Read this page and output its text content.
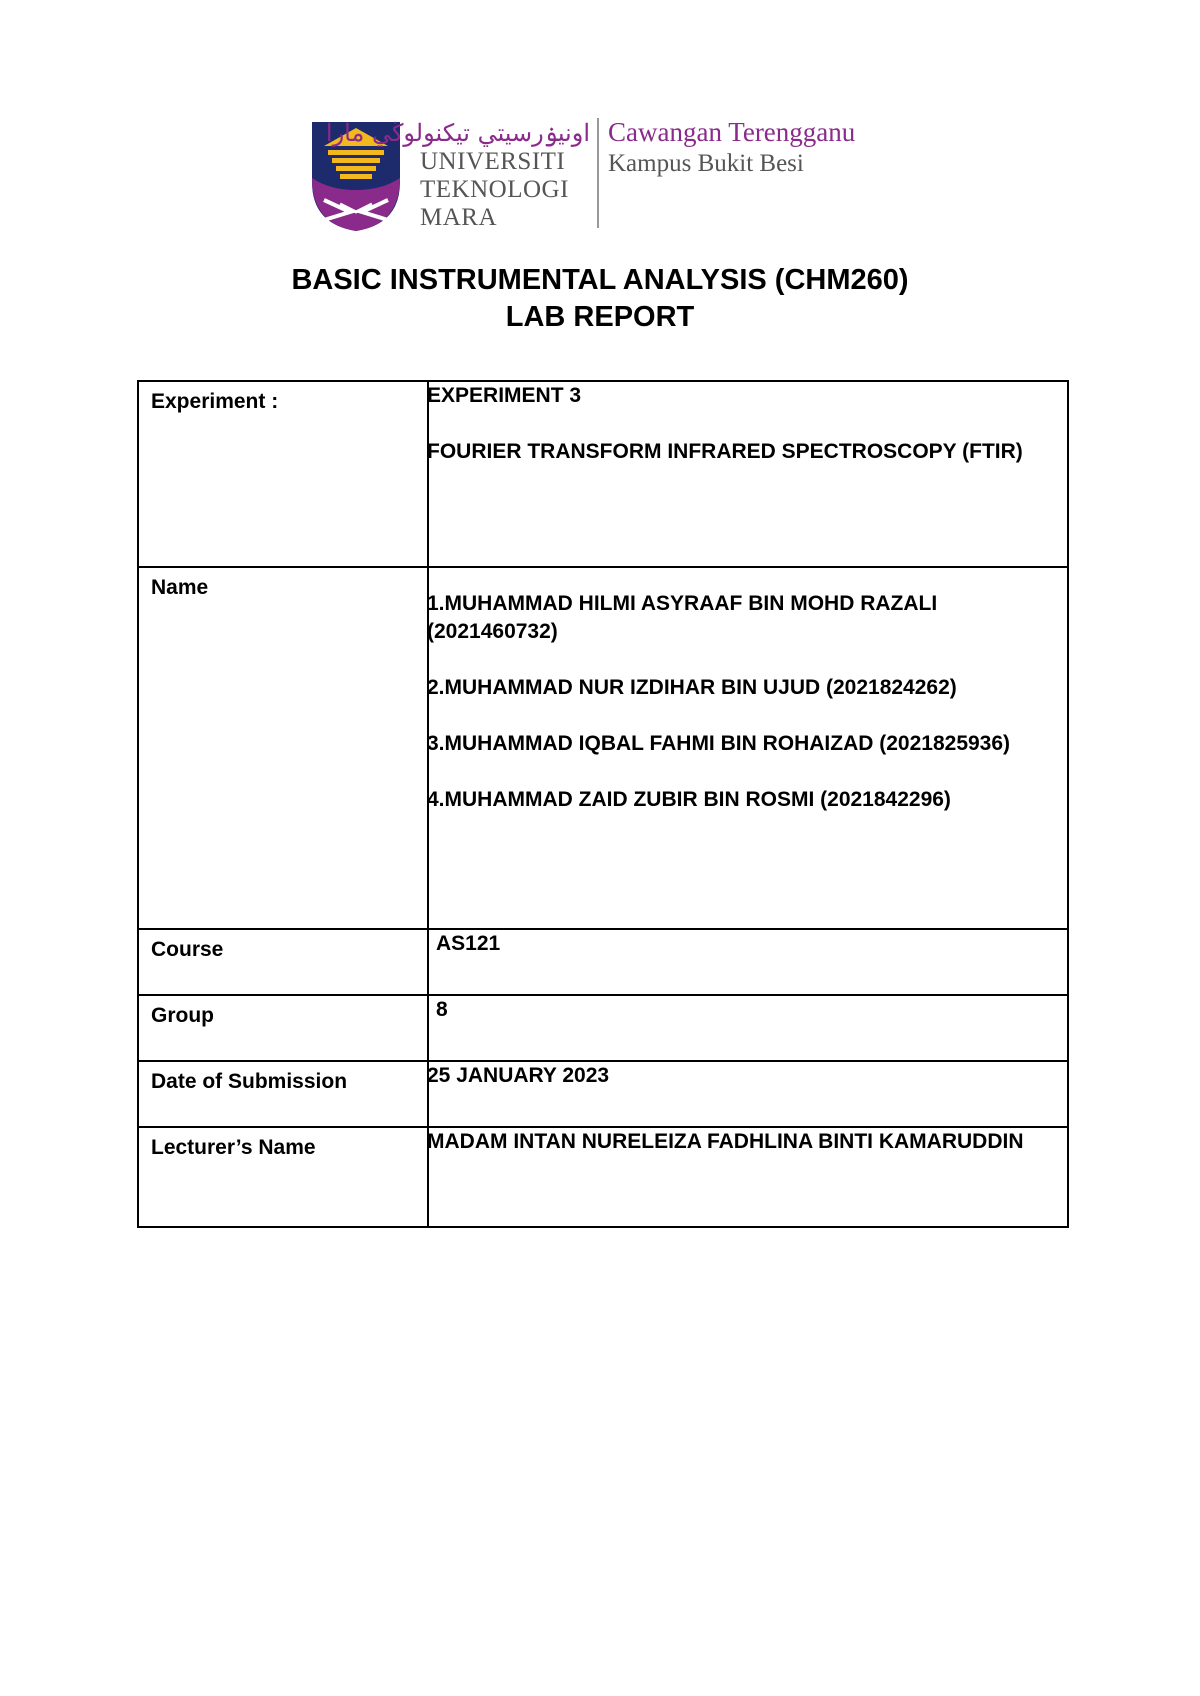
اونيۏرسيتي تيكنولوڬي مارا
UNIVERSITI
TEKNOLOGI
MARA
Cawangan Terengganu
Kampus Bukit Besi
BASIC INSTRUMENTAL ANALYSIS (CHM260)
LAB REPORT
Experiment :	EXPERIMENT 3
FOURIER TRANSFORM INFRARED SPECTROSCOPY (FTIR)

Name	1.MUHAMMAD HILMI ASYRAAF BIN MOHD RAZALI (2021460732)
2.MUHAMMAD NUR IZDIHAR BIN UJUD (2021824262)
3.MUHAMMAD IQBAL FAHMI BIN ROHAIZAD (2021825936)
4.MUHAMMAD ZAID ZUBIR BIN ROSMI (2021842296)

Course	AS121

Group	8

Date of Submission	25 JANUARY 2023

Lecturer’s Name	MADAM INTAN NURELEIZA FADHLINA BINTI KAMARUDDIN
